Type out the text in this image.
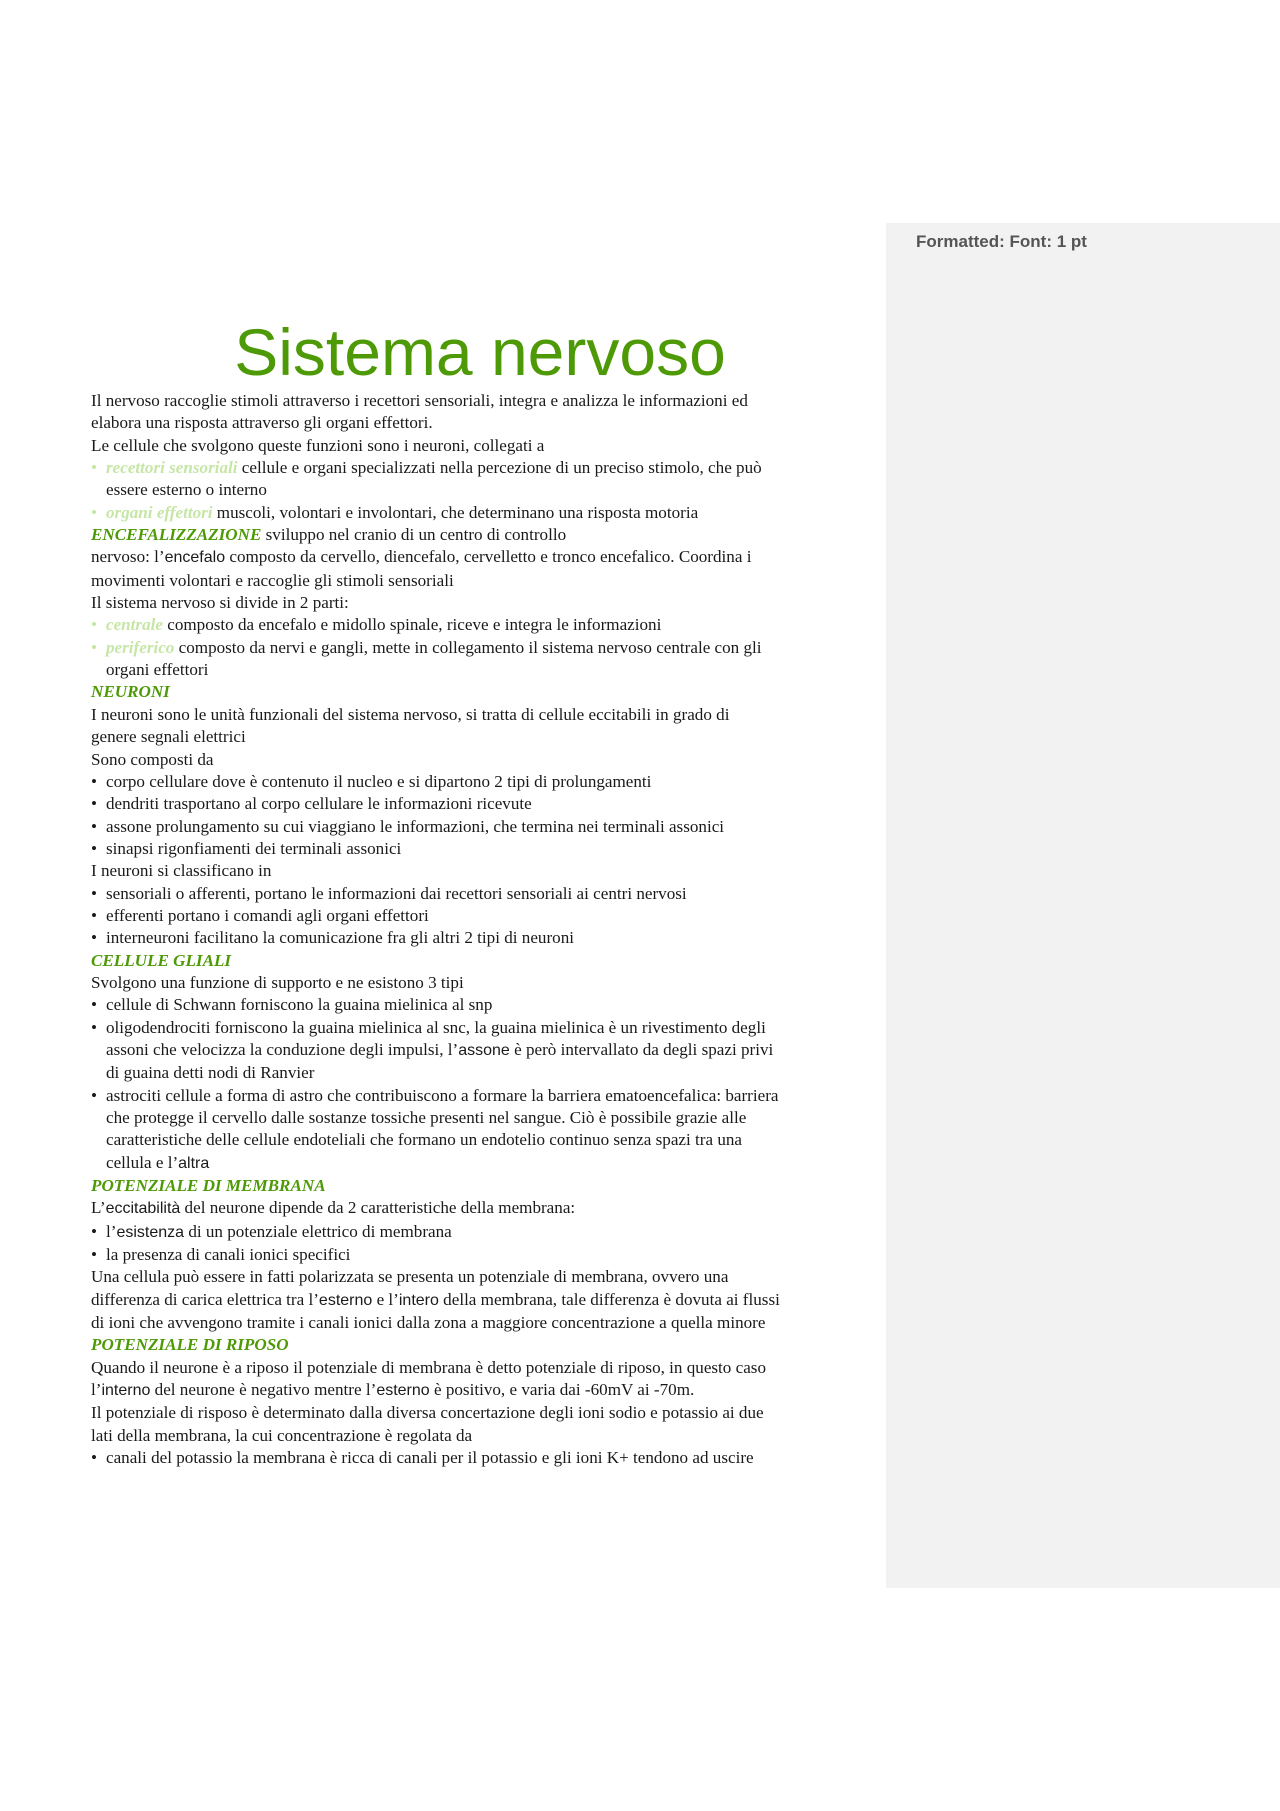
Formatted: Font: 1 pt
Sistema nervoso
Il nervoso raccoglie stimoli attraverso i recettori sensoriali, integra e analizza le informazioni ed
elabora una risposta attraverso gli organi effettori.
Le cellule che svolgono queste funzioni sono i neuroni, collegati a
• recettori sensoriali cellule e organi specializzati nella percezione di un preciso stimolo, che può
essere esterno o interno
• organi effettori muscoli, volontari e involontari, che determinano una risposta motoria
ENCEFALIZZAZIONE sviluppo nel cranio di un centro di controllo
nervoso: l’encefalo composto da cervello, diencefalo, cervelletto e tronco encefalico. Coordina i
movimenti volontari e raccoglie gli stimoli sensoriali
Il sistema nervoso si divide in 2 parti:
• centrale composto da encefalo e midollo spinale, riceve e integra le informazioni
• periferico composto da nervi e gangli, mette in collegamento il sistema nervoso centrale con gli
organi effettori
NEURONI
I neuroni sono le unità funzionali del sistema nervoso, si tratta di cellule eccitabili in grado di
genere segnali elettrici
Sono composti da
• corpo cellulare dove è contenuto il nucleo e si dipartono 2 tipi di prolungamenti
• dendriti trasportano al corpo cellulare le informazioni ricevute
• assone prolungamento su cui viaggiano le informazioni, che termina nei terminali assonici
• sinapsi rigonfiamenti dei terminali assonici
I neuroni si classificano in
• sensoriali o afferenti, portano le informazioni dai recettori sensoriali ai centri nervosi
• efferenti portano i comandi agli organi effettori
• interneuroni facilitano la comunicazione fra gli altri 2 tipi di neuroni
CELLULE GLIALI
Svolgono una funzione di supporto e ne esistono 3 tipi
• cellule di Schwann forniscono la guaina mielinica al snp
• oligodendrociti forniscono la guaina mielinica al snc, la guaina mielinica è un rivestimento degli
assoni che velocizza la conduzione degli impulsi, l’assone è però intervallato da degli spazi privi
di guaina detti nodi di Ranvier
• astrociti cellule a forma di astro che contribuiscono a formare la barriera ematoencefalica: barriera
che protegge il cervello dalle sostanze tossiche presenti nel sangue. Ciò è possibile grazie alle
caratteristiche delle cellule endoteliali che formano un endotelio continuo senza spazi tra una
cellula e l’altra
POTENZIALE DI MEMBRANA
L’eccitabilità del neurone dipende da 2 caratteristiche della membrana:
• l’esistenza di un potenziale elettrico di membrana
• la presenza di canali ionici specifici
Una cellula può essere in fatti polarizzata se presenta un potenziale di membrana, ovvero una
differenza di carica elettrica tra l’esterno e l’intero della membrana, tale differenza è dovuta ai flussi
di ioni che avvengono tramite i canali ionici dalla zona a maggiore concentrazione a quella minore
POTENZIALE DI RIPOSO
Quando il neurone è a riposo il potenziale di membrana è detto potenziale di riposo, in questo caso
l’interno del neurone è negativo mentre l’esterno è positivo, e varia dai -60mV ai -70m.
Il potenziale di risposo è determinato dalla diversa concertazione degli ioni sodio e potassio ai due
lati della membrana, la cui concentrazione è regolata da
• canali del potassio la membrana è ricca di canali per il potassio e gli ioni K+ tendono ad uscire
